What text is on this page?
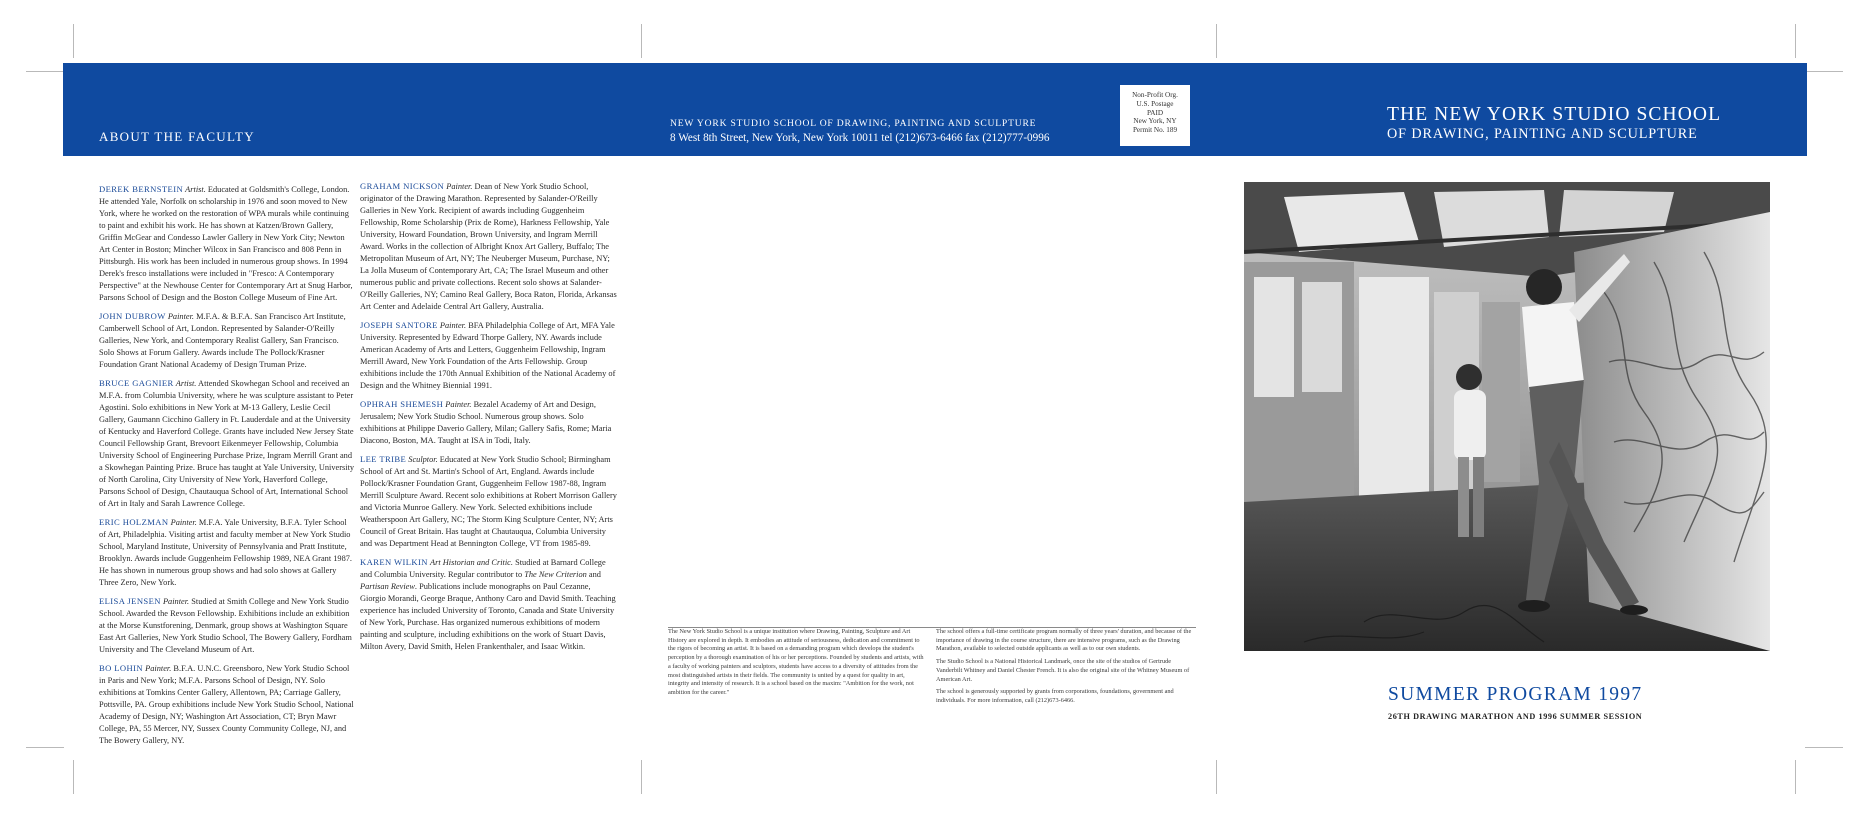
ABOUT THE FACULTY
NEW YORK STUDIO SCHOOL OF DRAWING, PAINTING AND SCULPTURE
8 West 8th Street, New York, New York 10011 tel (212)673-6466 fax (212)777-0996
Non-Profit Org.
U.S. Postage
PAID
New York, NY
Permit No. 189
THE NEW YORK STUDIO SCHOOL
OF DRAWING, PAINTING AND SCULPTURE

DEREK BERNSTEIN Artist. Educated at Goldsmith's College, London. He attended Yale, Norfolk on scholarship in 1976 and soon moved to New York, where he worked on the restoration of WPA murals while continuing to paint and exhibit his work. He has shown at Katzen/Brown Gallery, Griffin McGear and Condesso Lawler Gallery in New York City; Newton Art Center in Boston; Mincher Wilcox in San Francisco and 808 Penn in Pittsburgh. His work has been included in numerous group shows. In 1994 Derek's fresco installations were included in "Fresco: A Contemporary Perspective" at the Newhouse Center for Contemporary Art at Snug Harbor, Parsons School of Design and the Boston College Museum of Fine Art.

JOHN DUBROW Painter. M.F.A. & B.F.A. San Francisco Art Institute, Camberwell School of Art, London. Represented by Salander-O'Reilly Galleries, New York, and Contemporary Realist Gallery, San Francisco. Solo Shows at Forum Gallery. Awards include The Pollock/Krasner Foundation Grant National Academy of Design Truman Prize.

BRUCE GAGNIER Artist. Attended Skowhegan School and received an M.F.A. from Columbia University, where he was sculpture assistant to Peter Agostini. Solo exhibitions in New York at M-13 Gallery, Leslie Cecil Gallery, Gaumann Cicchino Gallery in Ft. Lauderdale and at the University of Kentucky and Haverford College. Grants have included New Jersey State Council Fellowship Grant, Brevoort Eikenmeyer Fellowship, Columbia University School of Engineering Purchase Prize, Ingram Merrill Grant and a Skowhegan Painting Prize. Bruce has taught at Yale University, University of North Carolina, City University of New York, Haverford College, Parsons School of Design, Chautauqua School of Art, International School of Art in Italy and Sarah Lawrence College.

ERIC HOLZMAN Painter. M.F.A. Yale University, B.F.A. Tyler School of Art, Philadelphia. Visiting artist and faculty member at New York Studio School, Maryland Institute, University of Pennsylvania and Pratt Institute, Brooklyn. Awards include Guggenheim Fellowship 1989, NEA Grant 1987. He has shown in numerous group shows and had solo shows at Gallery Three Zero, New York.

ELISA JENSEN Painter. Studied at Smith College and New York Studio School. Awarded the Revson Fellowship. Exhibitions include an exhibition at the Morse Kunstforening, Denmark, group shows at Washington Square East Art Galleries, New York Studio School, The Bowery Gallery, Fordham University and The Cleveland Museum of Art.

BO LOHIN Painter. B.F.A. U.N.C. Greensboro, New York Studio School in Paris and New York; M.F.A. Parsons School of Design, NY. Solo exhibitions at Tomkins Center Gallery, Allentown, PA; Carriage Gallery, Pottsville, PA. Group exhibitions include New York Studio School, National Academy of Design, NY; Washington Art Association, CT; Bryn Mawr College, PA, 55 Mercer, NY, Sussex County Community College, NJ, and The Bowery Gallery, NY.

GRAHAM NICKSON Painter. Dean of New York Studio School, originator of the Drawing Marathon. Represented by Salander-O'Reilly Galleries in New York. Recipient of awards including Guggenheim Fellowship, Rome Scholarship (Prix de Rome), Harkness Fellowship, Yale University, Howard Foundation, Brown University, and Ingram Merrill Award. Works in the collection of Albright Knox Art Gallery, Buffalo; The Metropolitan Museum of Art, NY; The Neuberger Museum, Purchase, NY; La Jolla Museum of Contemporary Art, CA; The Israel Museum and other numerous public and private collections. Recent solo shows at Salander-O'Reilly Galleries, NY; Camino Real Gallery, Boca Raton, Florida, Arkansas Art Center and Adelaide Central Art Gallery, Australia.

JOSEPH SANTORE Painter. BFA Philadelphia College of Art, MFA Yale University. Represented by Edward Thorpe Gallery, NY. Awards include American Academy of Arts and Letters, Guggenheim Fellowship, Ingram Merrill Award, New York Foundation of the Arts Fellowship. Group exhibitions include the 170th Annual Exhibition of the National Academy of Design and the Whitney Biennial 1991.

OPHRAH SHEMESH Painter. Bezalel Academy of Art and Design, Jerusalem; New York Studio School. Numerous group shows. Solo exhibitions at Philippe Daverio Gallery, Milan; Gallery Safis, Rome; Maria Diacono, Boston, MA. Taught at ISA in Todi, Italy.

LEE TRIBE Sculptor. Educated at New York Studio School; Birmingham School of Art and St. Martin's School of Art, England. Awards include Pollock/Krasner Foundation Grant, Guggenheim Fellow 1987-88, Ingram Merrill Sculpture Award. Recent solo exhibitions at Robert Morrison Gallery and Victoria Munroe Gallery. New York. Selected exhibitions include Weatherspoon Art Gallery, NC; The Storm King Sculpture Center, NY; Arts Council of Great Britain. Has taught at Chautauqua, Columbia University and was Department Head at Bennington College, VT from 1985-89.

KAREN WILKIN Art Historian and Critic. Studied at Barnard College and Columbia University. Regular contributor to The New Criterion and Partisan Review. Publications include monographs on Paul Cezanne, Giorgio Morandi, George Braque, Anthony Caro and David Smith. Teaching experience has included University of Toronto, Canada and State University of New York, Purchase. Has organized numerous exhibitions of modern painting and sculpture, including exhibitions on the work of Stuart Davis, Milton Avery, David Smith, Helen Frankenthaler, and Isaac Witkin.

The New York Studio School is a unique institution where Drawing, Painting, Sculpture and Art History are explored in depth. It embodies an attitude of seriousness, dedication and commitment to the rigors of becoming an artist. It is based on a demanding program which develops the student's perception by a thorough examination of his or her perceptions. Founded by students and artists, with a faculty of working painters and sculptors, students have access to a diversity of attitudes from the most distinguished artists in their fields. The community is united by a quest for quality in art, integrity and intensity of research. It is a school based on the maxim: "Ambition for the work, not ambition for the career."

The school offers a full-time certificate program normally of three years' duration, and because of the importance of drawing in the course structure, there are intensive programs, such as the Drawing Marathon, available to selected outside applicants as well as to our own students.

The Studio School is a National Historical Landmark, once the site of the studios of Gertrude Vanderbilt Whitney and Daniel Chester French. It is also the original site of the Whitney Museum of American Art.

The school is generously supported by grants from corporations, foundations, government and individuals. For more information, call (212)673-6466.	SUMMER PROGRAM 1997
26TH DRAWING MARATHON AND 1996 SUMMER SESSION
